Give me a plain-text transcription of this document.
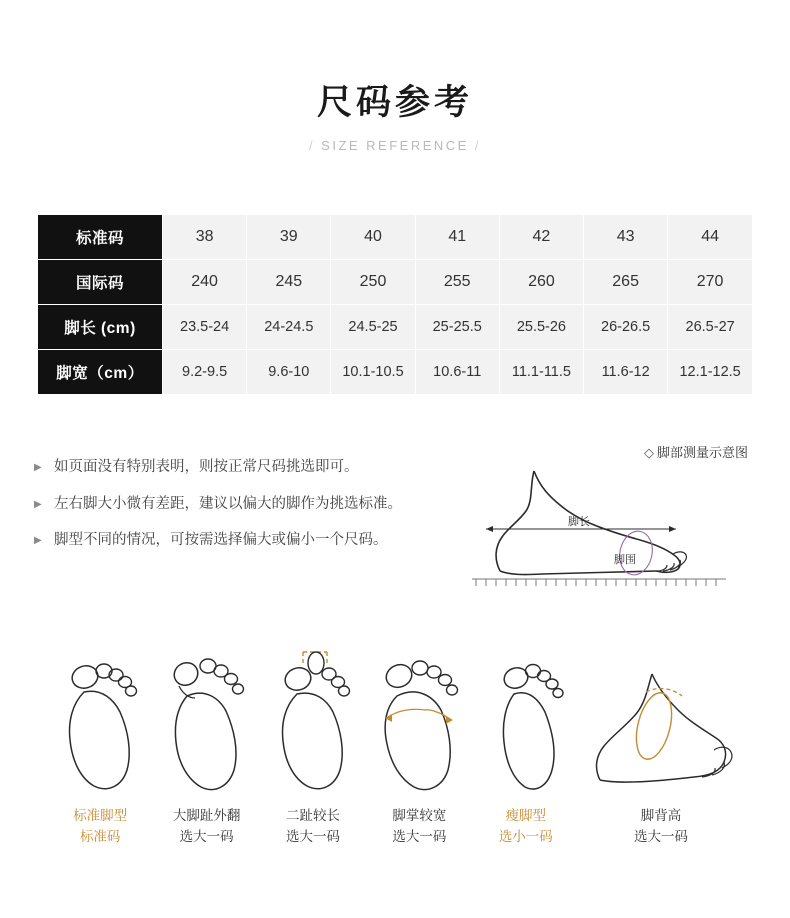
尺码参考
/ SIZE REFERENCE /
标准码	38	39	40	41	42	43	44
国际码	240	245	250	255	260	265	270
脚长 (cm)	23.5-24	24-24.5	24.5-25	25-25.5	25.5-26	26-26.5	26.5-27
脚宽（cm）	9.2-9.5	9.6-10	10.1-10.5	10.6-11	11.1-11.5	11.6-12	12.1-12.5
▶ 如页面没有特别表明，则按正常尺码挑选即可。
▶ 左右脚大小微有差距，建议以偏大的脚作为挑选标准。
▶ 脚型不同的情况，可按需选择偏大或偏小一个尺码。
◇ 脚部测量示意图
脚长
脚围
标准脚型
标准码
大脚趾外翻
选大一码
二趾较长
选大一码
脚掌较宽
选大一码
瘦脚型
选小一码
脚背高
选大一码
